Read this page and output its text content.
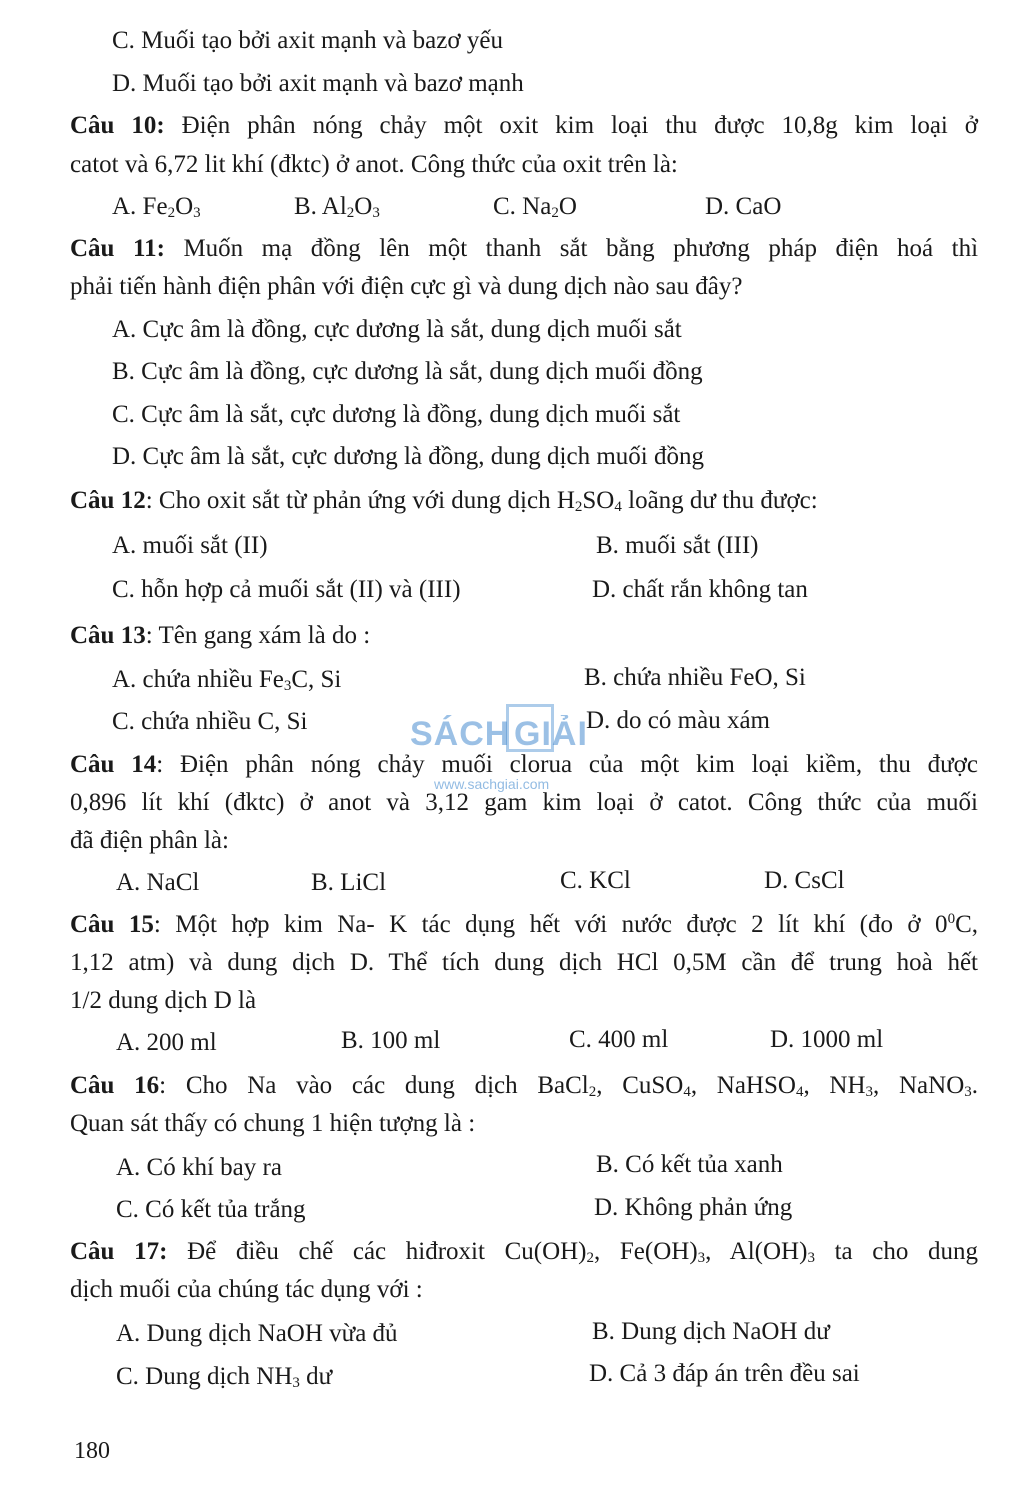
C. Muối tạo bởi axit mạnh và bazơ yếu
D. Muối tạo bởi axit mạnh và bazơ mạnh
Câu 10: Điện phân nóng chảy một oxit kim loại thu được 10,8g kim loại ở
catot và 6,72 lit khí (đktc) ở anot. Công thức của oxit trên là:
A. $Fe_2O_3$	B. $Al_2O_3$	C. $Na_2O$	D. CaO
Câu 11: Muốn mạ đồng lên một thanh sắt bằng phương pháp điện hoá thì
phải tiến hành điện phân với điện cực gì và dung dịch nào sau đây?
A. Cực âm là đồng, cực dương là sắt, dung dịch muối sắt
B. Cực âm là đồng, cực dương là sắt, dung dịch muối đồng
C. Cực âm là sắt, cực dương là đồng, dung dịch muối sắt
D. Cực âm là sắt, cực dương là đồng, dung dịch muối đồng
Câu 12: Cho oxit sắt từ phản ứng với dung dịch $H_2SO_4$ loãng dư thu được:
A. muối sắt (II)	B. muối sắt (III)
C. hỗn hợp cả muối sắt (II) và (III)	D. chất rắn không tan
Câu 13: Tên gang xám là do :
A. chứa nhiều $Fe_3C$, Si	B. chứa nhiều FeO, Si
C. chứa nhiều C, Si	D. do có màu xám
Câu 14: Điện phân nóng chảy muối clorua của một kim loại kiềm, thu được
0,896 lít khí (đktc) ở anot và 3,12 gam kim loại ở catot. Công thức của muối
đã điện phân là:
A. NaCl	B. LiCl	C. KCl	D. CsCl
Câu 15: Một hợp kim Na- K tác dụng hết với nước được 2 lít khí (đo ở $0^0C$,
1,12 atm) và dung dịch D. Thể tích dung dịch HCl 0,5M cần để trung hoà hết
1/2 dung dịch D là
A. 200 ml	B. 100 ml	C. 400 ml	D. 1000 ml
Câu 16: Cho Na vào các dung dịch BaCl$_2$, CuSO$_4$, NaHSO$_4$, $NH_3$, NaNO$_3$.
Quan sát thấy có chung 1 hiện tượng là :
A. Có khí bay ra	B. Có kết tủa xanh
C. Có kết tủa trắng	D. Không phản ứng
Câu 17: Để điều chế các hiđroxit $Cu(OH)_2$, $Fe(OH)_3$, $Al(OH)_3$ ta cho dung
dịch muối của chúng tác dụng với :
A. Dung dịch NaOH vừa đủ	B. Dung dịch NaOH dư
C. Dung dịch $NH_3$ dư	D. Cả 3 đáp án trên đều sai
SÁCH GIẢI
www.sachgiai.com
180
